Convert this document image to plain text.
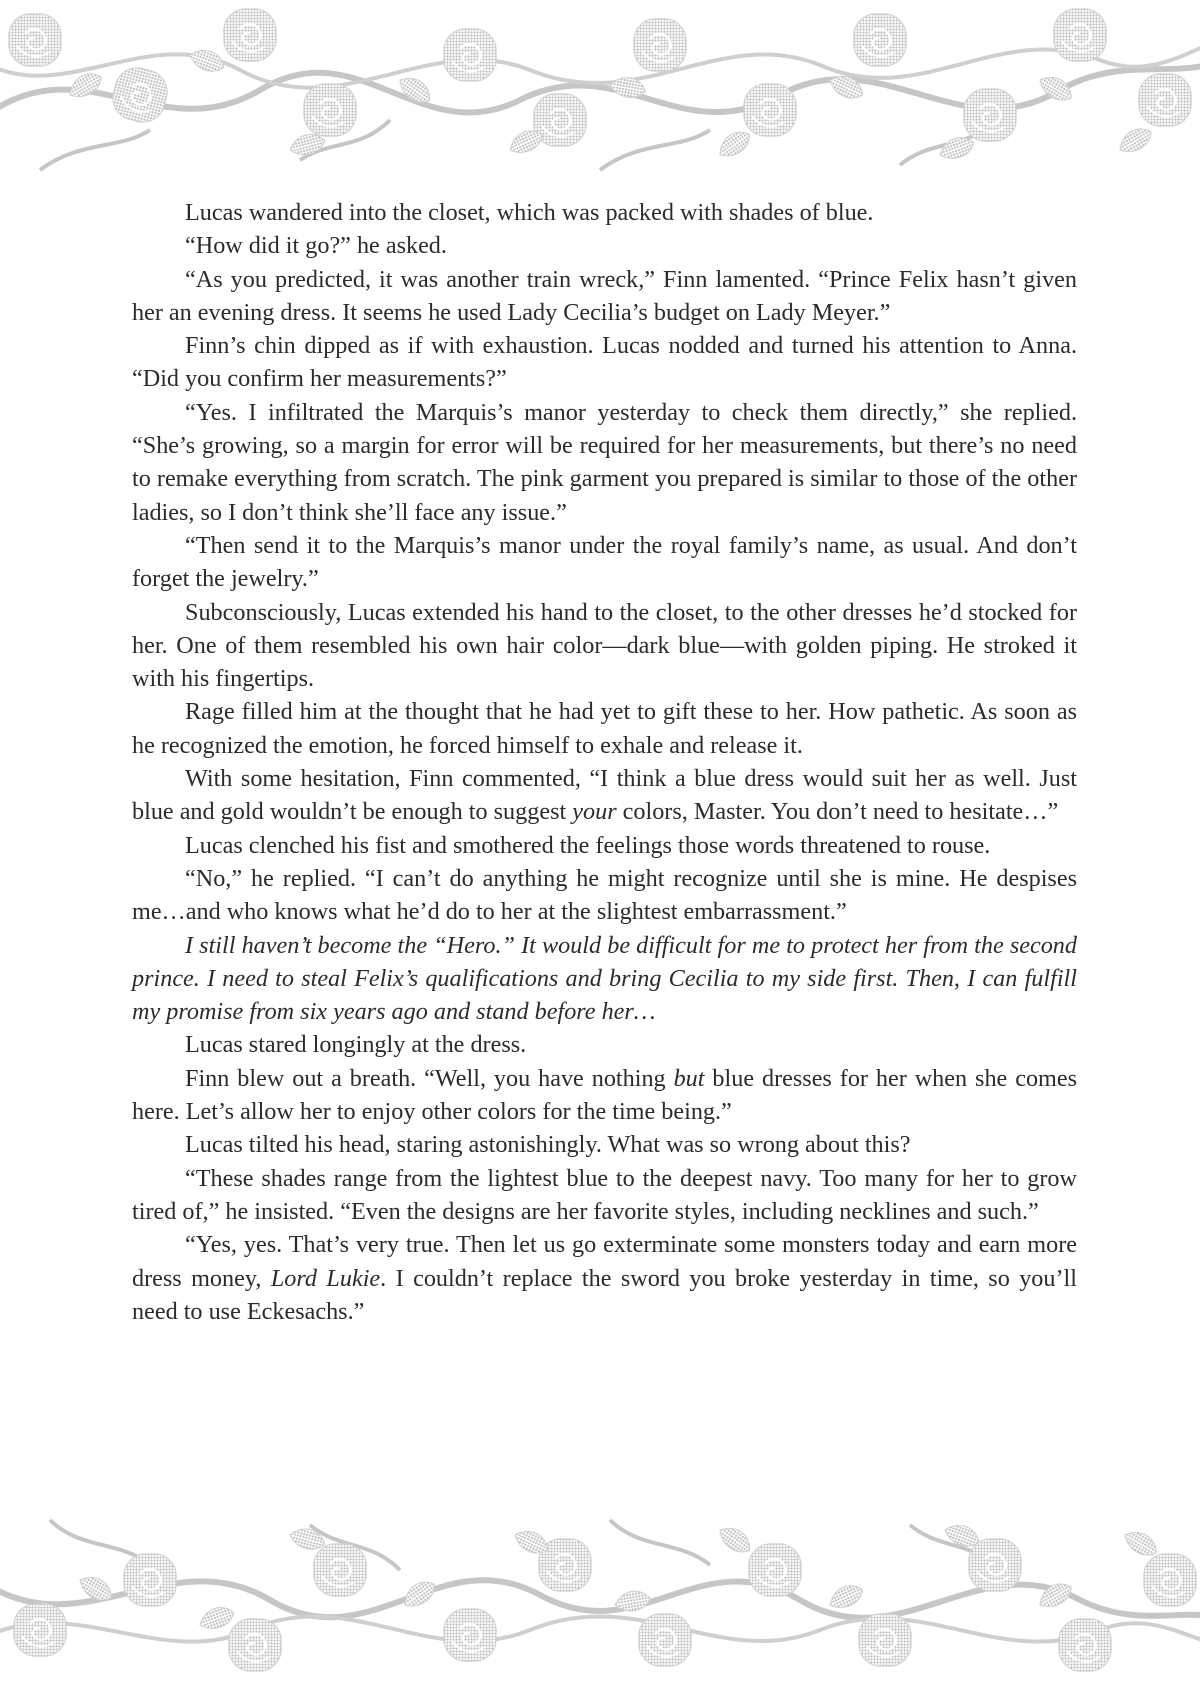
Lucas wandered into the closet, which was packed with shades of blue.

“How did it go?” he asked.

“As you predicted, it was another train wreck,” Finn lamented. “Prince Felix hasn’t given her an evening dress. It seems he used Lady Cecilia’s budget on Lady Meyer.”

Finn’s chin dipped as if with exhaustion. Lucas nodded and turned his attention to Anna. “Did you confirm her measurements?”

“Yes. I infiltrated the Marquis’s manor yesterday to check them directly,” she replied. “She’s growing, so a margin for error will be required for her measurements, but there’s no need to remake everything from scratch. The pink garment you prepared is similar to those of the other ladies, so I don’t think she’ll face any issue.”

“Then send it to the Marquis’s manor under the royal family’s name, as usual. And don’t forget the jewelry.”

Subconsciously, Lucas extended his hand to the closet, to the other dresses he’d stocked for her. One of them resembled his own hair color—dark blue—with golden piping. He stroked it with his fingertips.

Rage filled him at the thought that he had yet to gift these to her. How pathetic. As soon as he recognized the emotion, he forced himself to exhale and release it.

With some hesitation, Finn commented, “I think a blue dress would suit her as well. Just blue and gold wouldn’t be enough to suggest your colors, Master. You don’t need to hesitate…”

Lucas clenched his fist and smothered the feelings those words threatened to rouse.

“No,” he replied. “I can’t do anything he might recognize until she is mine. He despises me…and who knows what he’d do to her at the slightest embarrassment.”

I still haven’t become the “Hero.” It would be difficult for me to protect her from the second prince. I need to steal Felix’s qualifications and bring Cecilia to my side first. Then, I can fulfill my promise from six years ago and stand before her…

Lucas stared longingly at the dress.

Finn blew out a breath. “Well, you have nothing but blue dresses for her when she comes here. Let’s allow her to enjoy other colors for the time being.”

Lucas tilted his head, staring astonishingly. What was so wrong about this?

“These shades range from the lightest blue to the deepest navy. Too many for her to grow tired of,” he insisted. “Even the designs are her favorite styles, including necklines and such.”

“Yes, yes. That’s very true. Then let us go exterminate some monsters today and earn more dress money, Lord Lukie. I couldn’t replace the sword you broke yesterday in time, so you’ll need to use Eckesachs.”
